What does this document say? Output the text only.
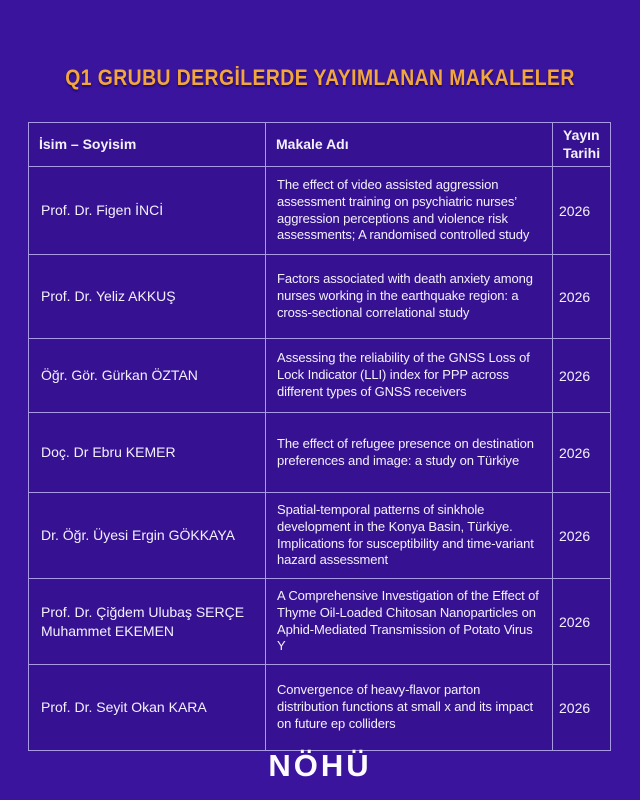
Q1 GRUBU DERGİLERDE YAYIMLANAN MAKALELER
İsim – Soyisim	Makale Adı	Yayın Tarihi
Prof. Dr. Figen İNCİ	The effect of video assisted aggression assessment training on psychiatric nurses’ aggression perceptions and violence risk assessments; A randomised controlled study	2026
Prof. Dr. Yeliz AKKUŞ	Factors associated with death anxiety among nurses working in the earthquake region: a cross-sectional correlational study	2026
Öğr. Gör. Gürkan ÖZTAN	Assessing the reliability of the GNSS Loss of Lock Indicator (LLI) index for PPP across different types of GNSS receivers	2026
Doç. Dr Ebru KEMER	The effect of refugee presence on destination preferences and image: a study on Türkiye	2026
Dr. Öğr. Üyesi Ergin GÖKKAYA	Spatial-temporal patterns of sinkhole development in the Konya Basin, Türkiye. Implications for susceptibility and time-variant hazard assessment	2026
Prof. Dr. Çiğdem Ulubaş SERÇE Muhammet EKEMEN	A Comprehensive Investigation of the Effect of Thyme Oil-Loaded Chitosan Nanoparticles on Aphid-Mediated Transmission of Potato Virus Y	2026
Prof. Dr. Seyit Okan KARA	Convergence of heavy-flavor parton distribution functions at small x and its impact on future ep colliders	2026
NÖHÜ
